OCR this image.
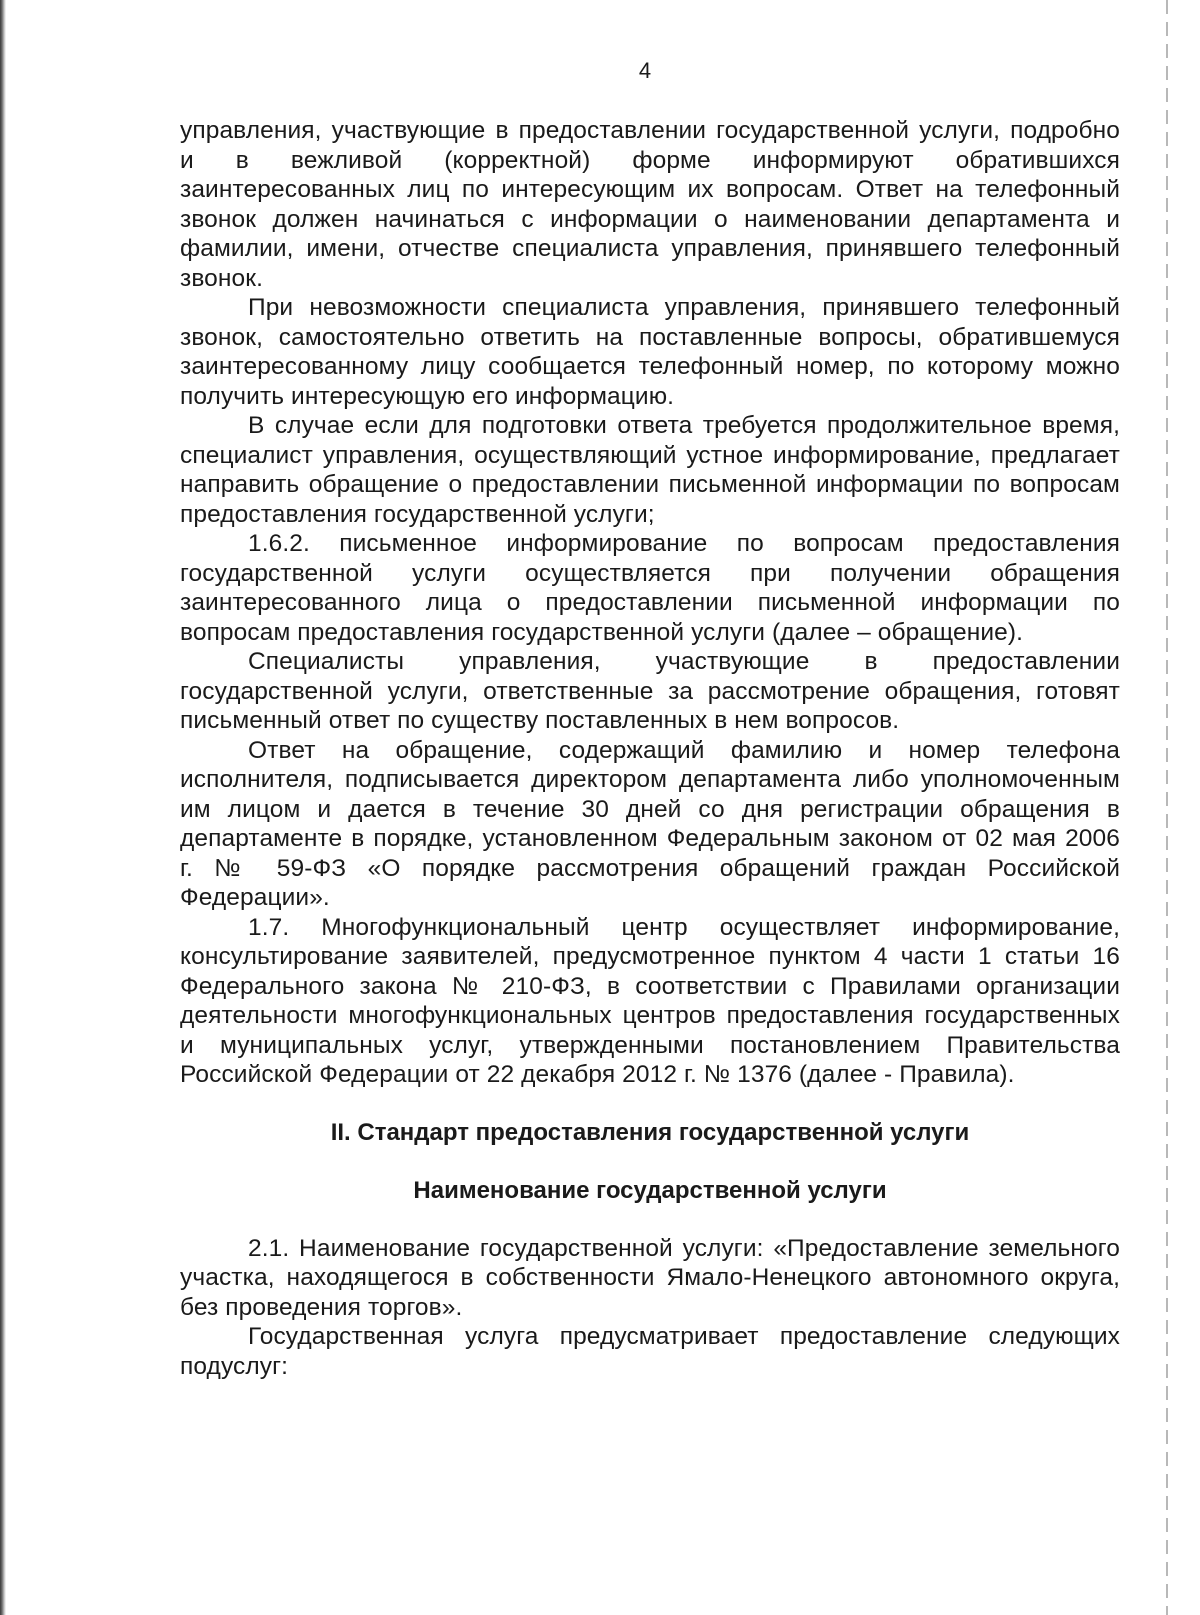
4

управления, участвующие в предоставлении государственной услуги, подробно и в вежливой (корректной) форме информируют обратившихся заинтересованных лиц по интересующим их вопросам. Ответ на телефонный звонок должен начинаться с информации о наименовании департамента и фамилии, имени, отчестве специалиста управления, принявшего телефонный звонок.

При невозможности специалиста управления, принявшего телефонный звонок, самостоятельно ответить на поставленные вопросы, обратившемуся заинтересованному лицу сообщается телефонный номер, по которому можно получить интересующую его информацию.

В случае если для подготовки ответа требуется продолжительное время, специалист управления, осуществляющий устное информирование, предлагает направить обращение о предоставлении письменной информации по вопросам предоставления государственной услуги;

1.6.2. письменное информирование по вопросам предоставления государственной услуги осуществляется при получении обращения заинтересованного лица о предоставлении письменной информации по вопросам предоставления государственной услуги (далее – обращение).

Специалисты управления, участвующие в предоставлении государственной услуги, ответственные за рассмотрение обращения, готовят письменный ответ по существу поставленных в нем вопросов.

Ответ на обращение, содержащий фамилию и номер телефона исполнителя, подписывается директором департамента либо уполномоченным им лицом и дается в течение 30 дней со дня регистрации обращения в департаменте в порядке, установленном Федеральным законом от 02 мая 2006 г. № 59-ФЗ «О порядке рассмотрения обращений граждан Российской Федерации».

1.7. Многофункциональный центр осуществляет информирование, консультирование заявителей, предусмотренное пунктом 4 части 1 статьи 16 Федерального закона № 210-ФЗ, в соответствии с Правилами организации деятельности многофункциональных центров предоставления государственных и муниципальных услуг, утвержденными постановлением Правительства Российской Федерации от 22 декабря 2012 г. № 1376 (далее - Правила).

II. Стандарт предоставления государственной услуги
Наименование государственной услуги

2.1. Наименование государственной услуги: «Предоставление земельного участка, находящегося в собственности Ямало-Ненецкого автономного округа, без проведения торгов».

Государственная услуга предусматривает предоставление следующих подуслуг:
